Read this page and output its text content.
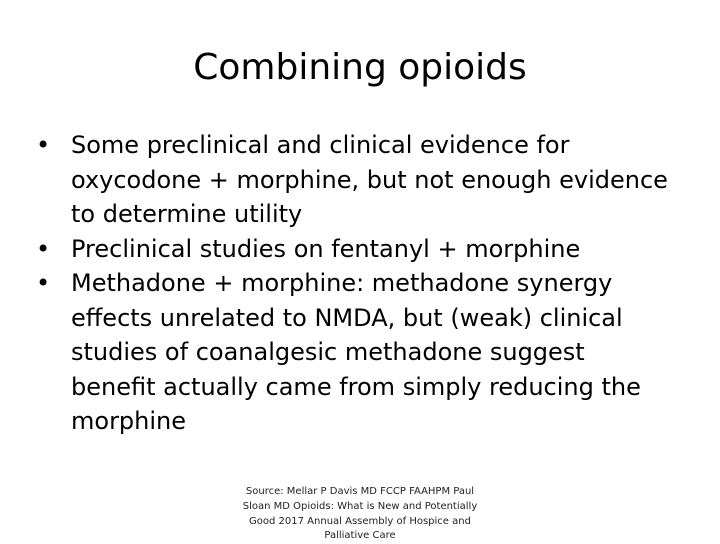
Combining opioids
• Some preclinical and clinical evidence for oxycodone + morphine, but not enough evidence to determine utility
• Preclinical studies on fentanyl + morphine
• Methadone + morphine: methadone synergy effects unrelated to NMDA, but (weak) clinical studies of coanalgesic methadone suggest benefit actually came from simply reducing the morphine

Source: Mellar P Davis MD FCCP FAAHPM Paul Sloan MD Opioids: What is New and Potentially Good 2017 Annual Assembly of Hospice and Palliative Care
